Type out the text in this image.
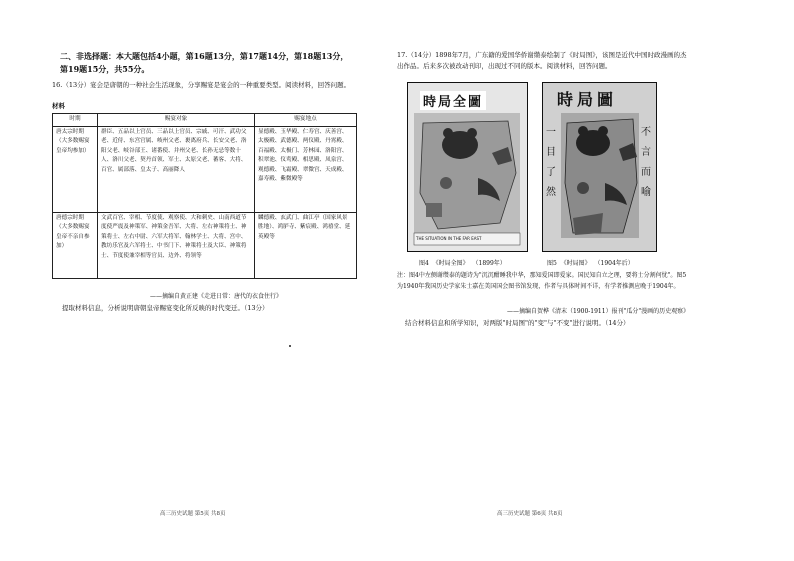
二、非选择题：本大题包括4小题，第16题13分，第17题14分，第18题13分，第19题15分，共55分。
16.（13分）宴会是唐朝的一种社会生活现象，分享赐宴是宴会的一种重要类型。阅读材料，回答问题。
材料
时期	赐宴对象	赐宴地点
唐太宗时期（大多数赐宴皇帝均参加）	群臣、五品以上官员、三品以上官员、宗戚、可汗、武功父老、近侍、东宫官属、岐州父老、裹离府兵、长安父老、洛阳父老、岐谷部王、诸番使、并州父老、长孙无忌等数十人、洛川父老、契丹首领、军士、太原父老、蕃客、大将、百官、属部落、皇太子、高丽降人	显德殿、玉华殿、仁寿宫、庆善宫、太极殿、武德殿、两仪殿、丹霄殿、百福殿、太极门、芳林园、洛阳宫、积翠池、仪鸾殿、相思殿、凤泉宫、观德殿、飞霜殿、翠微宫、天成殿、嘉寿殿、紫微殿等
唐德宗时期（大多数赐宴皇帝不亲自参加）	文武百官、宰相、节度使、观察使、大和刺史、山南西道节度使严震及神策军、神策金吾军、大将、左右神策将士、神策将士、左右中尉、六军大将军、翰林学士、大将、宫中、教坊乐官及六军将士、中书门下、神策将士及大臣、神策将士、节度使兼宰相等官员、边外、将领等	麟德殿、玄武门、曲江亭（国家风景胜地）、鸿胪寺、紫宸殿、鸿禧堂、延英殿等
——摘编自黄正建《走进日常：唐代的衣食住行》
提取材料信息，分析说明唐朝皇帝赐宴变化所反映的时代变迁。（13分）
高三历史试题 第5页 共8页
17.（14分）1898年7月，广东籍的爱国华侨谢缵泰绘制了《时局图》，该图是近代中国时政漫画的杰出作品。后来多次被改动刊印，出现过不同的版本。阅读材料，回答问题。
時局全圖
THE SITUATION IN THE FAR EAST
時局圖
一
目
了
然
不
言
而
喻
图4 《时局全图》 （1899年）	图5 《时局图》 （1904年后）
注：图4中左侧谢缵泰的题诗为"沉沉酣睡我中华，那知爱国即爱家。国民知自立之理，要将士分割何忧"。图5为1940年我国历史学家朱士嘉在美国国会图书馆发现，作者与具体时间不详，有学者推测应晚于1904年。
——摘编自贺桦《清末（1900-1911）报刊"瓜分"漫画的历史观察》
结合材料信息和所学知识，对两版"时局图"的"变"与"不变"进行说明。（14分）
高三历史试题 第6页 共8页
